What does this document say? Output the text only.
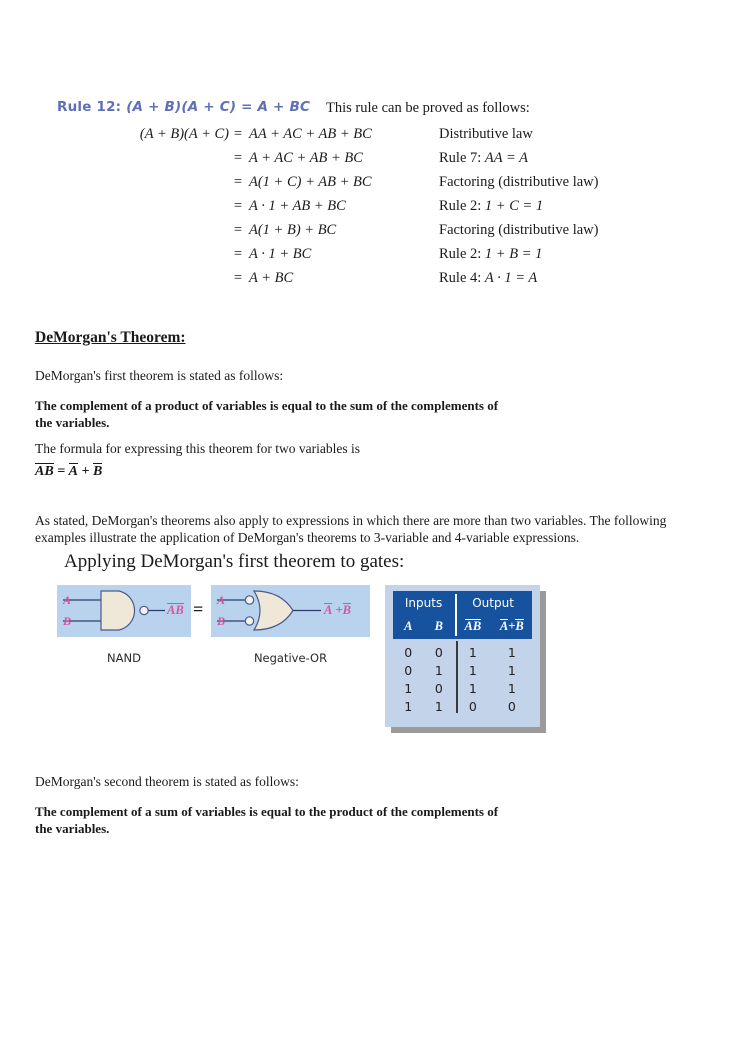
Rule 12: (A + B)(A + C) = A + BC This rule can be proved as follows:
(A + B)(A + C) = AA + AC + AB + BC	Distributive law
= A + AC + AB + BC	Rule 7: AA = A
= A(1 + C) + AB + BC	Factoring (distributive law)
= A · 1 + AB + BC	Rule 2: 1 + C = 1
= A(1 + B) + BC	Factoring (distributive law)
= A · 1 + BC	Rule 2: 1 + B = 1
= A + BC	Rule 4: A · 1 = A
DeMorgan's Theorem:
DeMorgan's first theorem is stated as follows:
The complement of a product of variables is equal to the sum of the complements of the variables.
The formula for expressing this theorem for two variables is
AB = A + B
As stated, DeMorgan's theorems also apply to expressions in which there are more than two variables. The following examples illustrate the application of DeMorgan's theorems to 3-variable and 4-variable expressions.
Applying DeMorgan's first theorem to gates:
A
B
AB = A
B
A +B
NAND	Negative-OR
Inputs	Output
A	B	AB	A+B
0	0	1	1
0	1	1	1
1	0	1	1
1	1	0	0
DeMorgan's second theorem is stated as follows:
The complement of a sum of variables is equal to the product of the complements of the variables.
